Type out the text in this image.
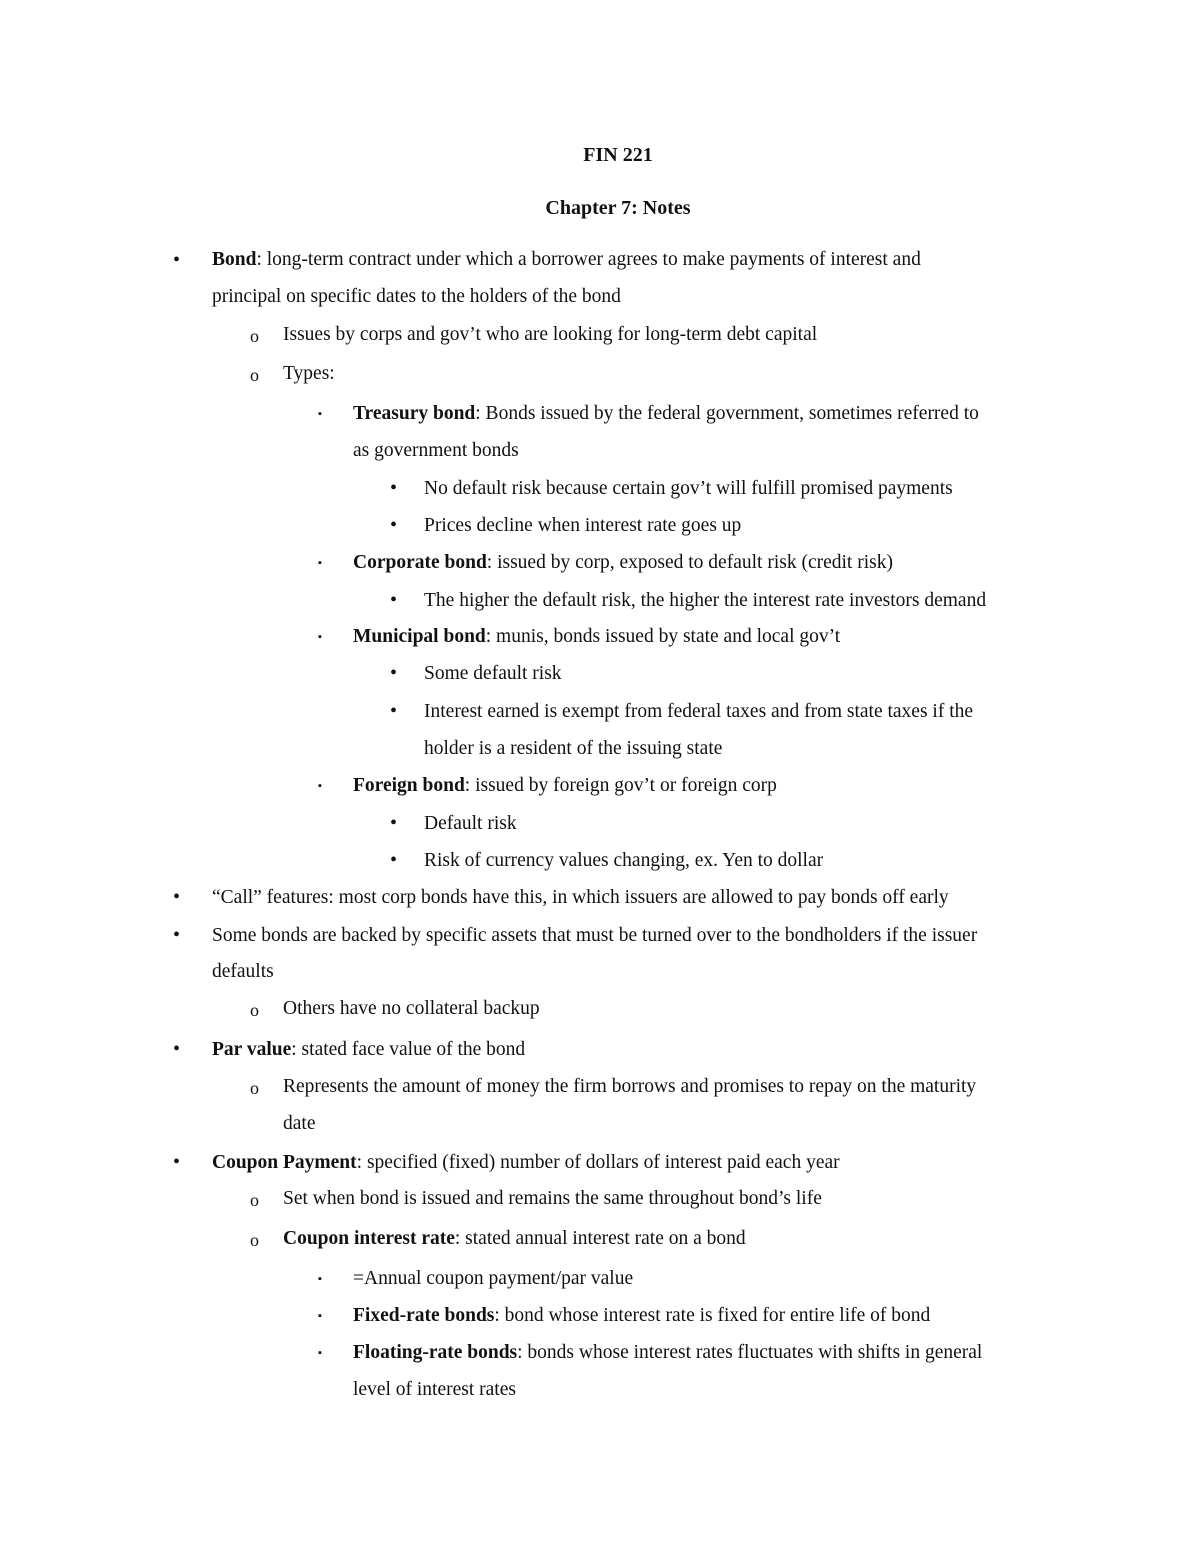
FIN 221
Chapter 7: Notes
• Bond: long-term contract under which a borrower agrees to make payments of interest and
principal on specific dates to the holders of the bond
o Issues by corps and gov’t who are looking for long-term debt capital
o Types:
▪ Treasury bond: Bonds issued by the federal government, sometimes referred to
as government bonds
• No default risk because certain gov’t will fulfill promised payments
• Prices decline when interest rate goes up
▪ Corporate bond: issued by corp, exposed to default risk (credit risk)
• The higher the default risk, the higher the interest rate investors demand
▪ Municipal bond: munis, bonds issued by state and local gov’t
• Some default risk
• Interest earned is exempt from federal taxes and from state taxes if the
holder is a resident of the issuing state
▪ Foreign bond: issued by foreign gov’t or foreign corp
• Default risk
• Risk of currency values changing, ex. Yen to dollar
• “Call” features: most corp bonds have this, in which issuers are allowed to pay bonds off early
• Some bonds are backed by specific assets that must be turned over to the bondholders if the issuer
defaults
o Others have no collateral backup
• Par value: stated face value of the bond
o Represents the amount of money the firm borrows and promises to repay on the maturity
date
• Coupon Payment: specified (fixed) number of dollars of interest paid each year
o Set when bond is issued and remains the same throughout bond’s life
o Coupon interest rate: stated annual interest rate on a bond
▪ =Annual coupon payment/par value
▪ Fixed-rate bonds: bond whose interest rate is fixed for entire life of bond
▪ Floating-rate bonds: bonds whose interest rates fluctuates with shifts in general
level of interest rates
